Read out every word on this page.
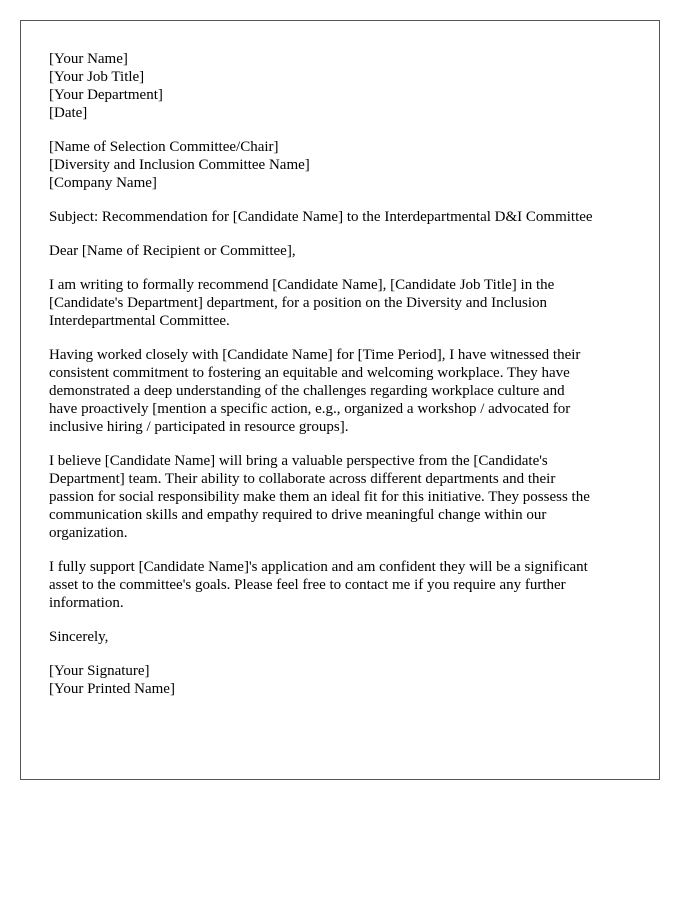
[Your Name]
[Your Job Title]
[Your Department]
[Date]
[Name of Selection Committee/Chair]
[Diversity and Inclusion Committee Name]
[Company Name]
Subject: Recommendation for [Candidate Name] to the Interdepartmental D&I Committee
Dear [Name of Recipient or Committee],
I am writing to formally recommend [Candidate Name], [Candidate Job Title] in the
[Candidate's Department] department, for a position on the Diversity and Inclusion
Interdepartmental Committee.
Having worked closely with [Candidate Name] for [Time Period], I have witnessed their
consistent commitment to fostering an equitable and welcoming workplace. They have
demonstrated a deep understanding of the challenges regarding workplace culture and
have proactively [mention a specific action, e.g., organized a workshop / advocated for
inclusive hiring / participated in resource groups].
I believe [Candidate Name] will bring a valuable perspective from the [Candidate's
Department] team. Their ability to collaborate across different departments and their
passion for social responsibility make them an ideal fit for this initiative. They possess the
communication skills and empathy required to drive meaningful change within our
organization.
I fully support [Candidate Name]'s application and am confident they will be a significant
asset to the committee's goals. Please feel free to contact me if you require any further
information.
Sincerely,
[Your Signature]
[Your Printed Name]
